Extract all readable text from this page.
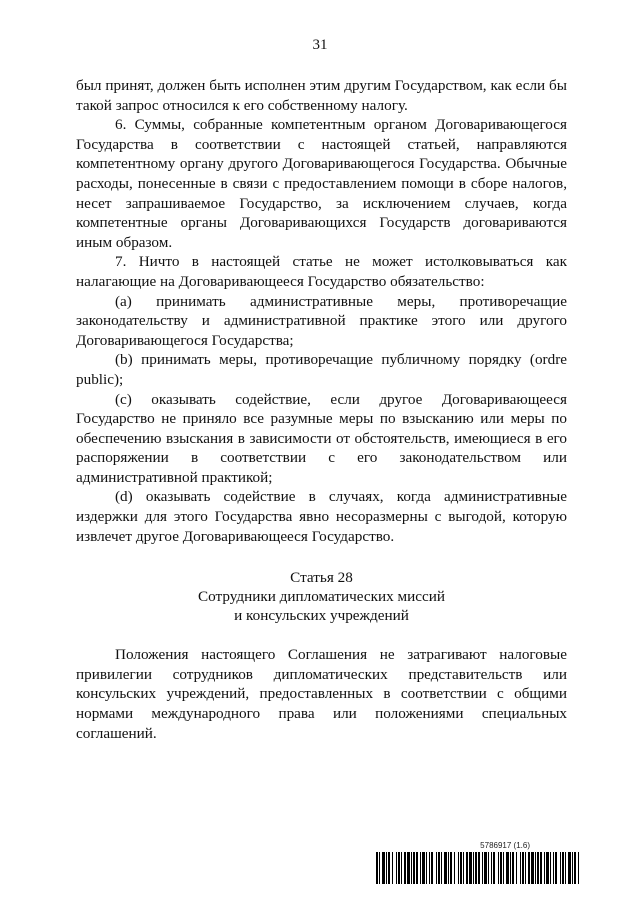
31

был принят, должен быть исполнен этим другим Государством, как если бы такой запрос относился к его собственному налогу.

6. Суммы, собранные компетентным органом Договаривающегося Государства в соответствии с настоящей статьей, направляются компетентному органу другого Договаривающегося Государства. Обычные расходы, понесенные в связи с предоставлением помощи в сборе налогов, несет запрашиваемое Государство, за исключением случаев, когда компетентные органы Договаривающихся Государств договариваются иным образом.

7. Ничто в настоящей статье не может истолковываться как налагающие на Договаривающееся Государство обязательство:

(a) принимать административные меры, противоречащие законодательству и административной практике этого или другого Договаривающегося Государства;

(b) принимать меры, противоречащие публичному порядку (ordre public);

(c) оказывать содействие, если другое Договаривающееся Государство не приняло все разумные меры по взысканию или меры по обеспечению взыскания в зависимости от обстоятельств, имеющиеся в его распоряжении в соответствии с его законодательством или административной практикой;

(d) оказывать содействие в случаях, когда административные издержки для этого Государства явно несоразмерны с выгодой, которую извлечет другое Договаривающееся Государство.

Статья 28
Сотрудники дипломатических миссий
и консульских учреждений

Положения настоящего Соглашения не затрагивают налоговые привилегии сотрудников дипломатических представительств или консульских учреждений, предоставленных в соответствии с общими нормами международного права или положениями специальных соглашений.

5786917 (1.6)
